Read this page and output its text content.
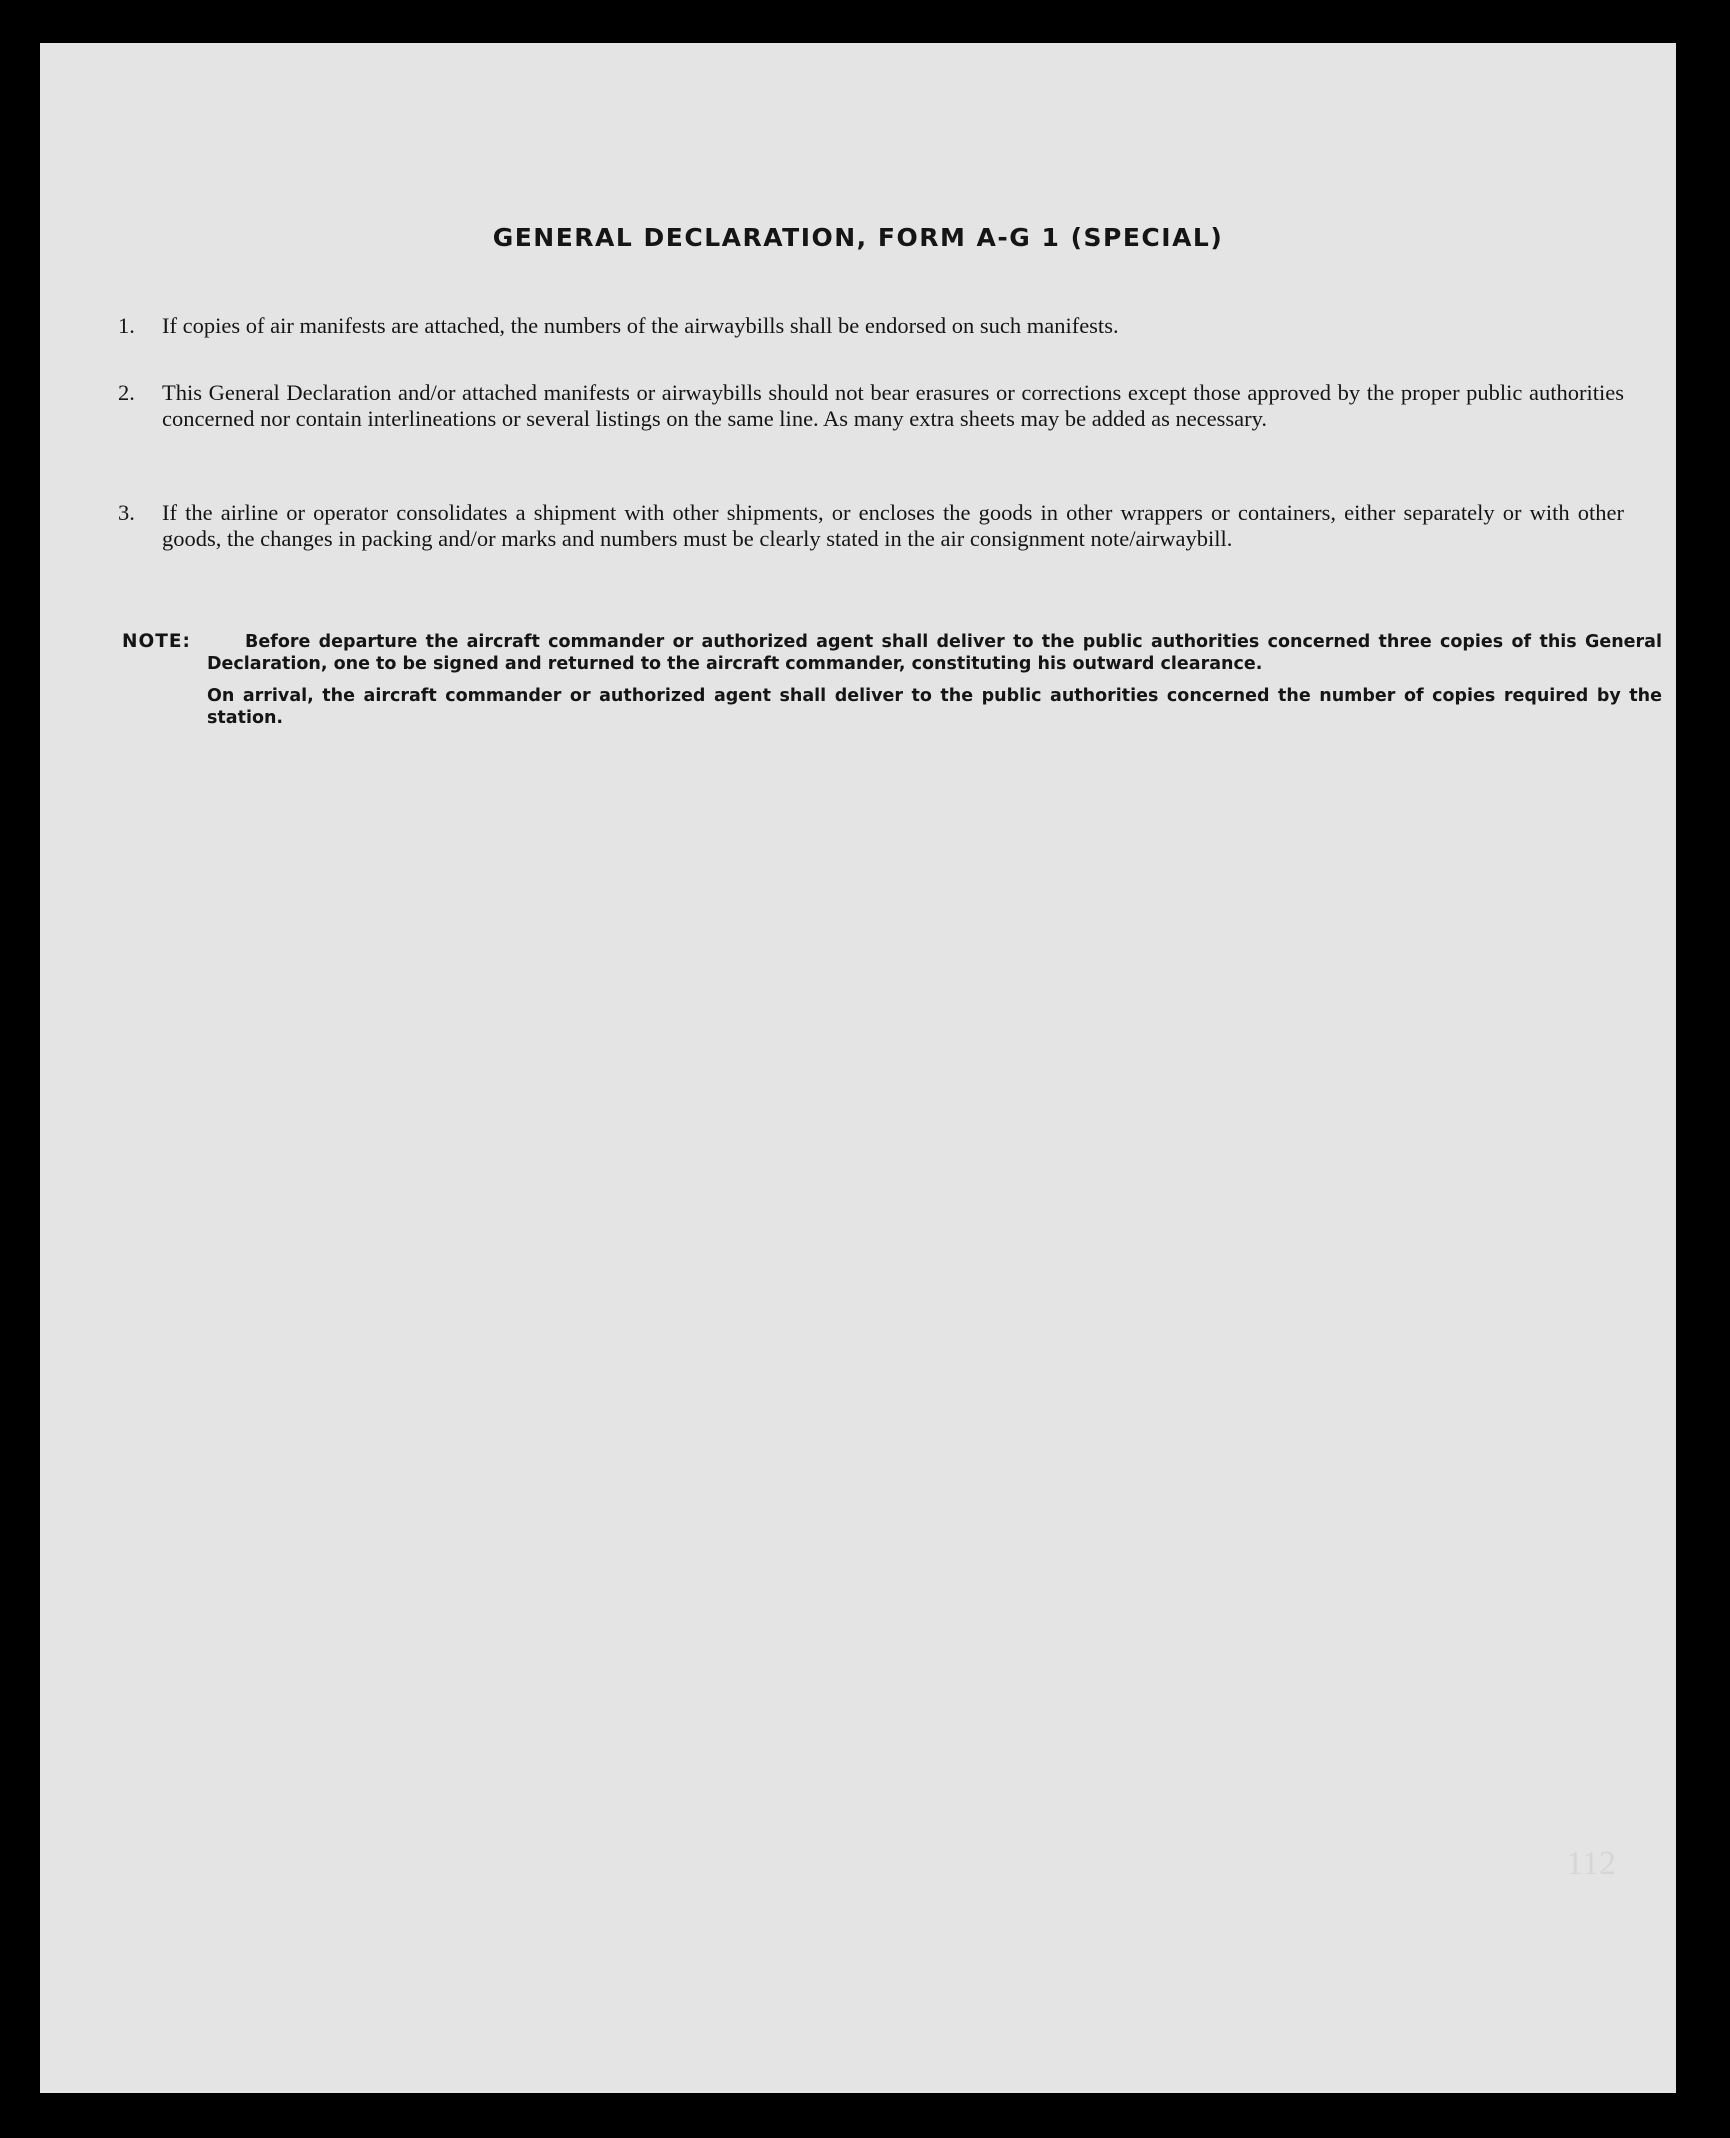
GENERAL DECLARATION, FORM A-G 1 (SPECIAL)
1. If copies of air manifests are attached, the numbers of the airwaybills shall be endorsed on such manifests.
2. This General Declaration and/or attached manifests or airwaybills should not bear erasures or corrections except those approved by the proper public authorities concerned nor contain interlineations or several listings on the same line. As many extra sheets may be added as necessary.
3. If the airline or operator consolidates a shipment with other shipments, or encloses the goods in other wrappers or containers, either separately or with other goods, the changes in packing and/or marks and numbers must be clearly stated in the air consignment note/airwaybill.
NOTE:	Before departure the aircraft commander or authorized agent shall deliver to the public authorities concerned three copies of this General Declaration, one to be signed and returned to the aircraft commander, constituting his outward clearance.
On arrival, the aircraft commander or authorized agent shall deliver to the public authorities concerned the number of copies required by the station.
112
